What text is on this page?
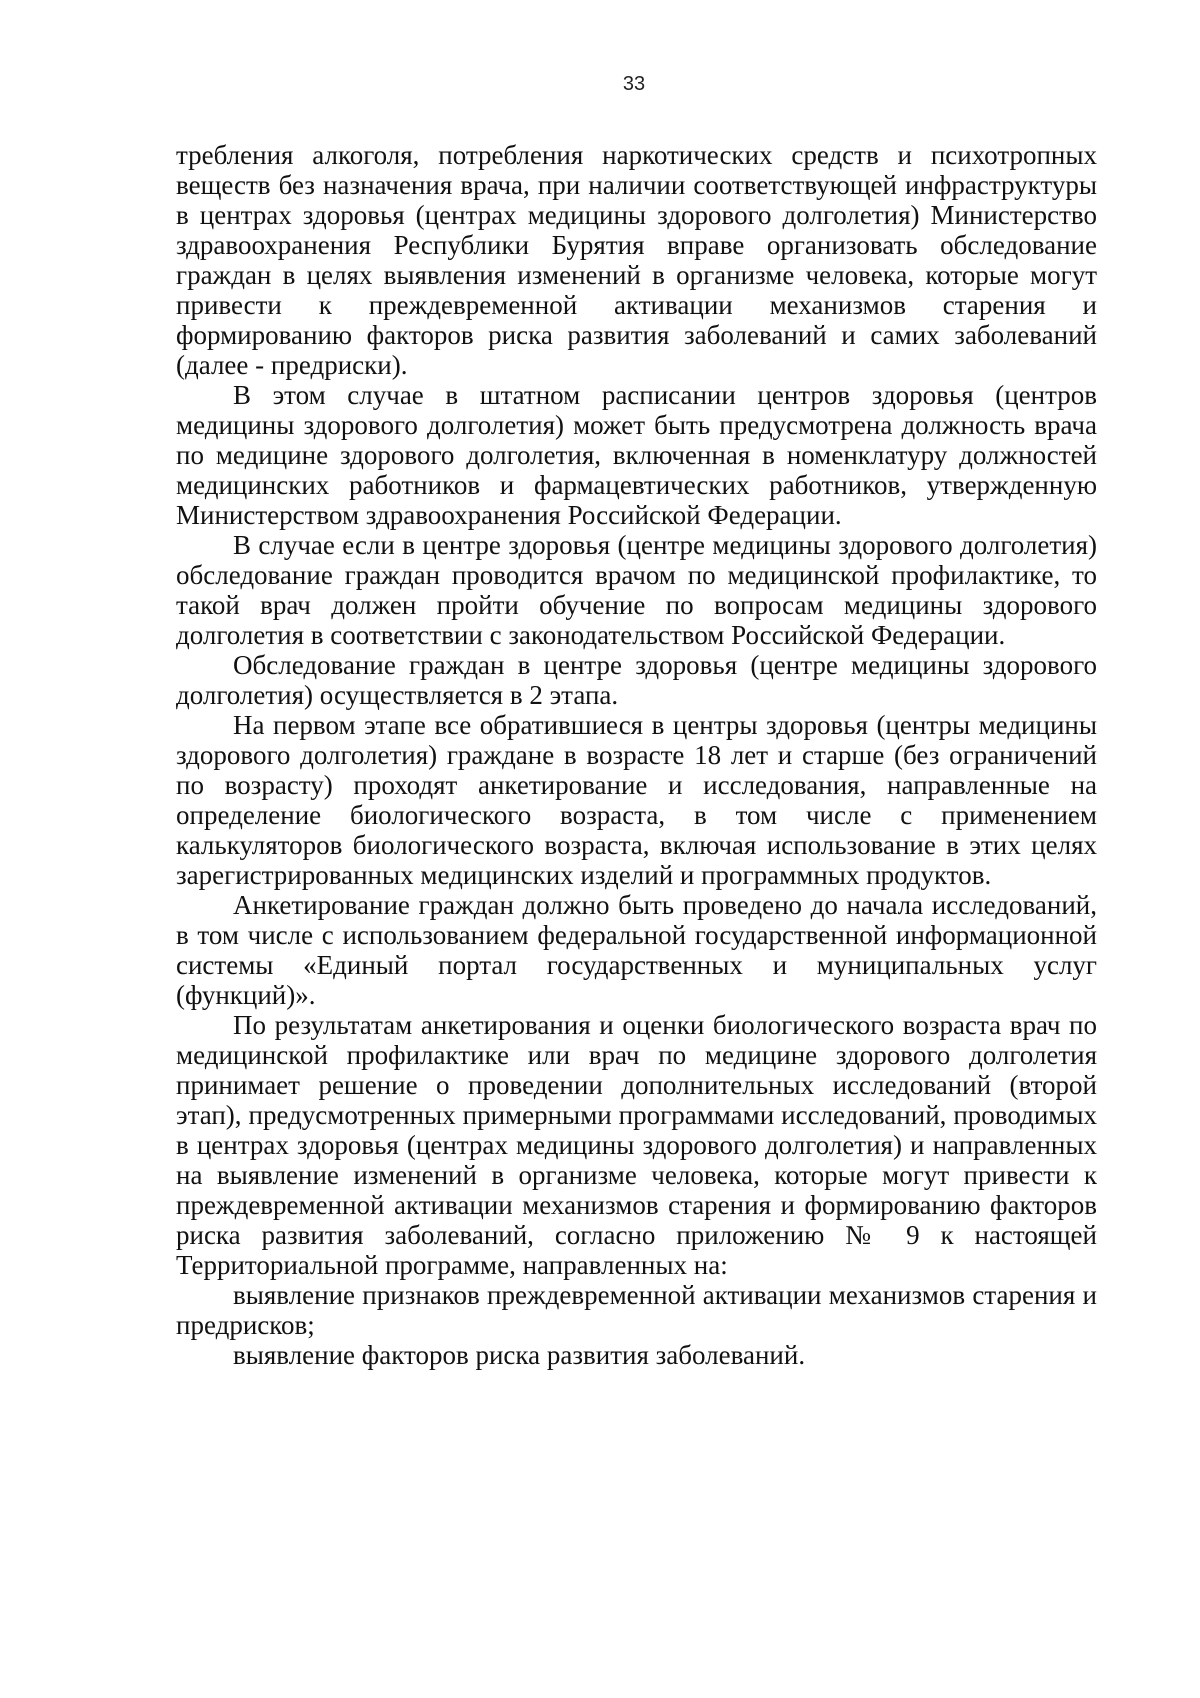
33

требления алкоголя, потребления наркотических средств и психотропных веществ без назначения врача, при наличии соответствующей инфраструктуры в центрах здоровья (центрах медицины здорового долголетия) Министерство здравоохранения Республики Бурятия вправе организовать обследование граждан в целях выявления изменений в организме человека, которые могут привести к преждевременной активации механизмов старения и формированию факторов риска развития заболеваний и самих заболеваний (далее - предриски).

В этом случае в штатном расписании центров здоровья (центров медицины здорового долголетия) может быть предусмотрена должность врача по медицине здорового долголетия, включенная в номенклатуру должностей медицинских работников и фармацевтических работников, утвержденную Министерством здравоохранения Российской Федерации.

В случае если в центре здоровья (центре медицины здорового долголетия) обследование граждан проводится врачом по медицинской профилактике, то такой врач должен пройти обучение по вопросам медицины здорового долголетия в соответствии с законодательством Российской Федерации.

Обследование граждан в центре здоровья (центре медицины здорового долголетия) осуществляется в 2 этапа.

На первом этапе все обратившиеся в центры здоровья (центры медицины здорового долголетия) граждане в возрасте 18 лет и старше (без ограничений по возрасту) проходят анкетирование и исследования, направленные на определение биологического возраста, в том числе с применением калькуляторов биологического возраста, включая использование в этих целях зарегистрированных медицинских изделий и программных продуктов.

Анкетирование граждан должно быть проведено до начала исследований, в том числе с использованием федеральной государственной информационной системы «Единый портал государственных и муниципальных услуг (функций)».

По результатам анкетирования и оценки биологического возраста врач по медицинской профилактике или врач по медицине здорового долголетия принимает решение о проведении дополнительных исследований (второй этап), предусмотренных примерными программами исследований, проводимых в центрах здоровья (центрах медицины здорового долголетия) и направленных на выявление изменений в организме человека, которые могут привести к преждевременной активации механизмов старения и формированию факторов риска развития заболеваний, согласно приложению № 9 к настоящей Территориальной программе, направленных на:

выявление признаков преждевременной активации механизмов старения и предрисков;

выявление факторов риска развития заболеваний.
